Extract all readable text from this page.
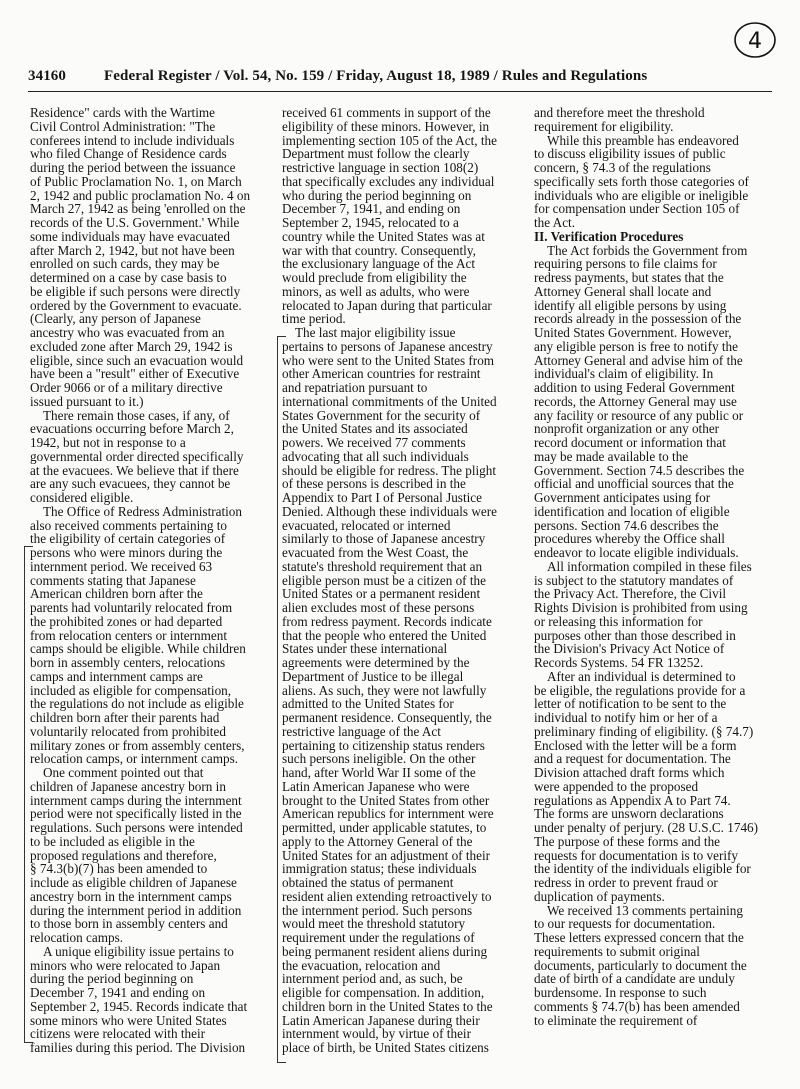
4
34160	Federal Register / Vol. 54, No. 159 / Friday, August 18, 1989 / Rules and Regulations
Residence" cards with the Wartime
Civil Control Administration: "The
conferees intend to include individuals
who filed Change of Residence cards
during the period between the issuance
of Public Proclamation No. 1, on March
2, 1942 and public proclamation No. 4 on
March 27, 1942 as being 'enrolled on the
records of the U.S. Government.' While
some individuals may have evacuated
after March 2, 1942, but not have been
enrolled on such cards, they may be
determined on a case by case basis to
be eligible if such persons were directly
ordered by the Government to evacuate.
(Clearly, any person of Japanese
ancestry who was evacuated from an
excluded zone after March 29, 1942 is
eligible, since such an evacuation would
have been a "result" either of Executive
Order 9066 or of a military directive
issued pursuant to it.)
There remain those cases, if any, of
evacuations occurring before March 2,
1942, but not in response to a
governmental order directed specifically
at the evacuees. We believe that if there
are any such evacuees, they cannot be
considered eligible.
The Office of Redress Administration
also received comments pertaining to
the eligibility of certain categories of
persons who were minors during the
internment period. We received 63
comments stating that Japanese
American children born after the
parents had voluntarily relocated from
the prohibited zones or had departed
from relocation centers or internment
camps should be eligible. While children
born in assembly centers, relocations
camps and internment camps are
included as eligible for compensation,
the regulations do not include as eligible
children born after their parents had
voluntarily relocated from prohibited
military zones or from assembly centers,
relocation camps, or internment camps.
One comment pointed out that
children of Japanese ancestry born in
internment camps during the internment
period were not specifically listed in the
regulations. Such persons were intended
to be included as eligible in the
proposed regulations and therefore,
§ 74.3(b)(7) has been amended to
include as eligible children of Japanese
ancestry born in the internment camps
during the internment period in addition
to those born in assembly centers and
relocation camps.
A unique eligibility issue pertains to
minors who were relocated to Japan
during the period beginning on
December 7, 1941 and ending on
September 2, 1945. Records indicate that
some minors who were United States
citizens were relocated with their
families during this period. The Division
received 61 comments in support of the
eligibility of these minors. However, in
implementing section 105 of the Act, the
Department must follow the clearly
restrictive language in section 108(2)
that specifically excludes any individual
who during the period beginning on
December 7, 1941, and ending on
September 2, 1945, relocated to a
country while the United States was at
war with that country. Consequently,
the exclusionary language of the Act
would preclude from eligibility the
minors, as well as adults, who were
relocated to Japan during that particular
time period.
The last major eligibility issue
pertains to persons of Japanese ancestry
who were sent to the United States from
other American countries for restraint
and repatriation pursuant to
international commitments of the United
States Government for the security of
the United States and its associated
powers. We received 77 comments
advocating that all such individuals
should be eligible for redress. The plight
of these persons is described in the
Appendix to Part I of Personal Justice
Denied. Although these individuals were
evacuated, relocated or interned
similarly to those of Japanese ancestry
evacuated from the West Coast, the
statute's threshold requirement that an
eligible person must be a citizen of the
United States or a permanent resident
alien excludes most of these persons
from redress payment. Records indicate
that the people who entered the United
States under these international
agreements were determined by the
Department of Justice to be illegal
aliens. As such, they were not lawfully
admitted to the United States for
permanent residence. Consequently, the
restrictive language of the Act
pertaining to citizenship status renders
such persons ineligible. On the other
hand, after World War II some of the
Latin American Japanese who were
brought to the United States from other
American republics for internment were
permitted, under applicable statutes, to
apply to the Attorney General of the
United States for an adjustment of their
immigration status; these individuals
obtained the status of permanent
resident alien extending retroactively to
the internment period. Such persons
would meet the threshold statutory
requirement under the regulations of
being permanent resident aliens during
the evacuation, relocation and
internment period and, as such, be
eligible for compensation. In addition,
children born in the United States to the
Latin American Japanese during their
internment would, by virtue of their
place of birth, be United States citizens
and therefore meet the threshold
requirement for eligibility.
While this preamble has endeavored
to discuss eligibility issues of public
concern, § 74.3 of the regulations
specifically sets forth those categories of
individuals who are eligible or ineligible
for compensation under Section 105 of
the Act.
II. Verification Procedures
The Act forbids the Government from
requiring persons to file claims for
redress payments, but states that the
Attorney General shall locate and
identify all eligible persons by using
records already in the possession of the
United States Government. However,
any eligible person is free to notify the
Attorney General and advise him of the
individual's claim of eligibility. In
addition to using Federal Government
records, the Attorney General may use
any facility or resource of any public or
nonprofit organization or any other
record document or information that
may be made available to the
Government. Section 74.5 describes the
official and unofficial sources that the
Government anticipates using for
identification and location of eligible
persons. Section 74.6 describes the
procedures whereby the Office shall
endeavor to locate eligible individuals.
All information compiled in these files
is subject to the statutory mandates of
the Privacy Act. Therefore, the Civil
Rights Division is prohibited from using
or releasing this information for
purposes other than those described in
the Division's Privacy Act Notice of
Records Systems. 54 FR 13252.
After an individual is determined to
be eligible, the regulations provide for a
letter of notification to be sent to the
individual to notify him or her of a
preliminary finding of eligibility. (§ 74.7)
Enclosed with the letter will be a form
and a request for documentation. The
Division attached draft forms which
were appended to the proposed
regulations as Appendix A to Part 74.
The forms are unsworn declarations
under penalty of perjury. (28 U.S.C. 1746)
The purpose of these forms and the
requests for documentation is to verify
the identity of the individuals eligible for
redress in order to prevent fraud or
duplication of payments.
We received 13 comments pertaining
to our requests for documentation.
These letters expressed concern that the
requirements to submit original
documents, particularly to document the
date of birth of a candidate are unduly
burdensome. In response to such
comments § 74.7(b) has been amended
to eliminate the requirement of
